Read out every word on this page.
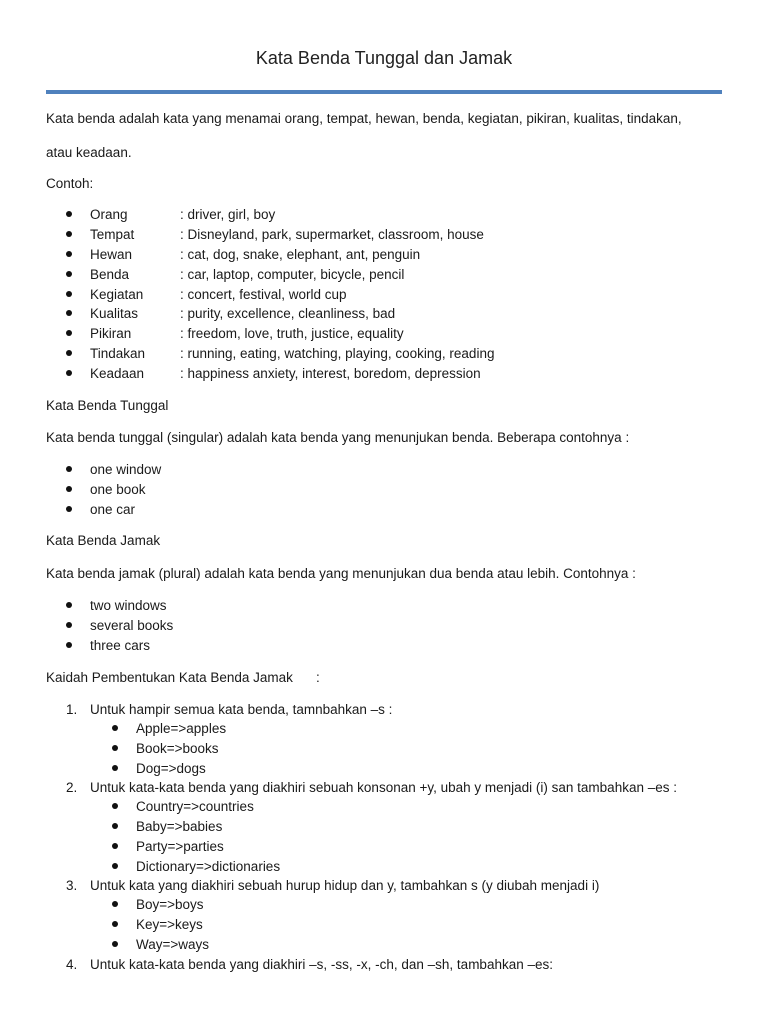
Kata Benda Tunggal dan Jamak
Kata benda adalah kata yang menamai orang, tempat, hewan, benda, kegiatan, pikiran, kualitas, tindakan,
atau keadaan.
Contoh:
Orang	: driver, girl, boy
Tempat	: Disneyland, park, supermarket, classroom, house
Hewan	: cat, dog, snake, elephant, ant, penguin
Benda	: car, laptop, computer, bicycle, pencil
Kegiatan	: concert, festival, world cup
Kualitas	: purity, excellence, cleanliness, bad
Pikiran	: freedom, love, truth, justice, equality
Tindakan	: running, eating, watching, playing, cooking, reading
Keadaan	: happiness anxiety, interest, boredom, depression
Kata Benda Tunggal
Kata benda tunggal (singular) adalah kata benda yang menunjukan benda. Beberapa contohnya :
one window
one book
one car
Kata Benda Jamak
Kata benda jamak (plural) adalah kata benda yang menunjukan dua benda atau lebih. Contohnya :
two windows
several books
three cars
Kaidah Pembentukan Kata Benda Jamak :
1. Untuk hampir semua kata benda, tamnbahkan –s :
Apple=>apples
Book=>books
Dog=>dogs
2. Untuk kata-kata benda yang diakhiri sebuah konsonan +y, ubah y menjadi (i) san tambahkan –es :
Country=>countries
Baby=>babies
Party=>parties
Dictionary=>dictionaries
3. Untuk kata yang diakhiri sebuah hurup hidup dan y, tambahkan s (y diubah menjadi i)
Boy=>boys
Key=>keys
Way=>ways
4. Untuk kata-kata benda yang diakhiri –s, -ss, -x, -ch, dan –sh, tambahkan –es:
